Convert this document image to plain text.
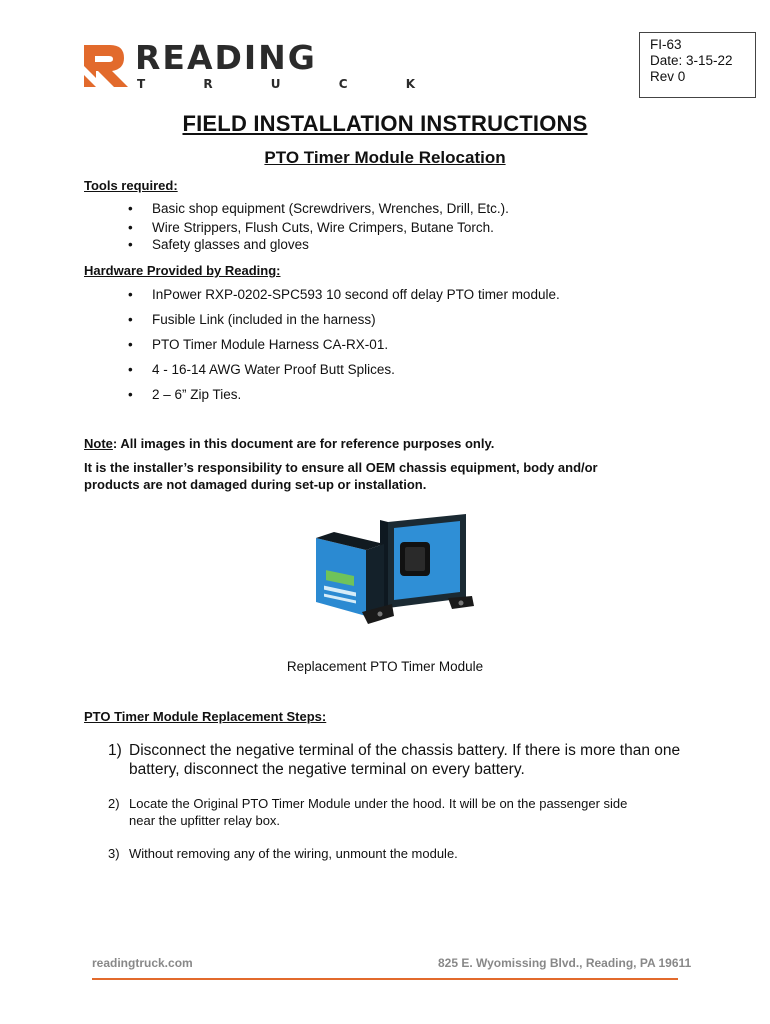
READING
T R U C K
FI-63
Date: 3-15-22
Rev 0
FIELD INSTALLATION INSTRUCTIONS
PTO Timer Module Relocation
Tools required:
• Basic shop equipment (Screwdrivers, Wrenches, Drill, Etc.).
• Wire Strippers, Flush Cuts, Wire Crimpers, Butane Torch.
• Safety glasses and gloves
Hardware Provided by Reading:
• InPower RXP-0202-SPC593 10 second off delay PTO timer module.
• Fusible Link (included in the harness)
• PTO Timer Module Harness CA-RX-01.
• 4 - 16-14 AWG Water Proof Butt Splices.
• 2 – 6” Zip Ties.
Note: All images in this document are for reference purposes only.
It is the installer’s responsibility to ensure all OEM chassis equipment, body and/or
products are not damaged during set-up or installation.
Replacement PTO Timer Module
PTO Timer Module Replacement Steps:
1) Disconnect the negative terminal of the chassis battery. If there is more than one
battery, disconnect the negative terminal on every battery.
2) Locate the Original PTO Timer Module under the hood. It will be on the passenger side
near the upfitter relay box.
3) Without removing any of the wiring, unmount the module.
readingtruck.com	825 E. Wyomissing Blvd., Reading, PA 19611
